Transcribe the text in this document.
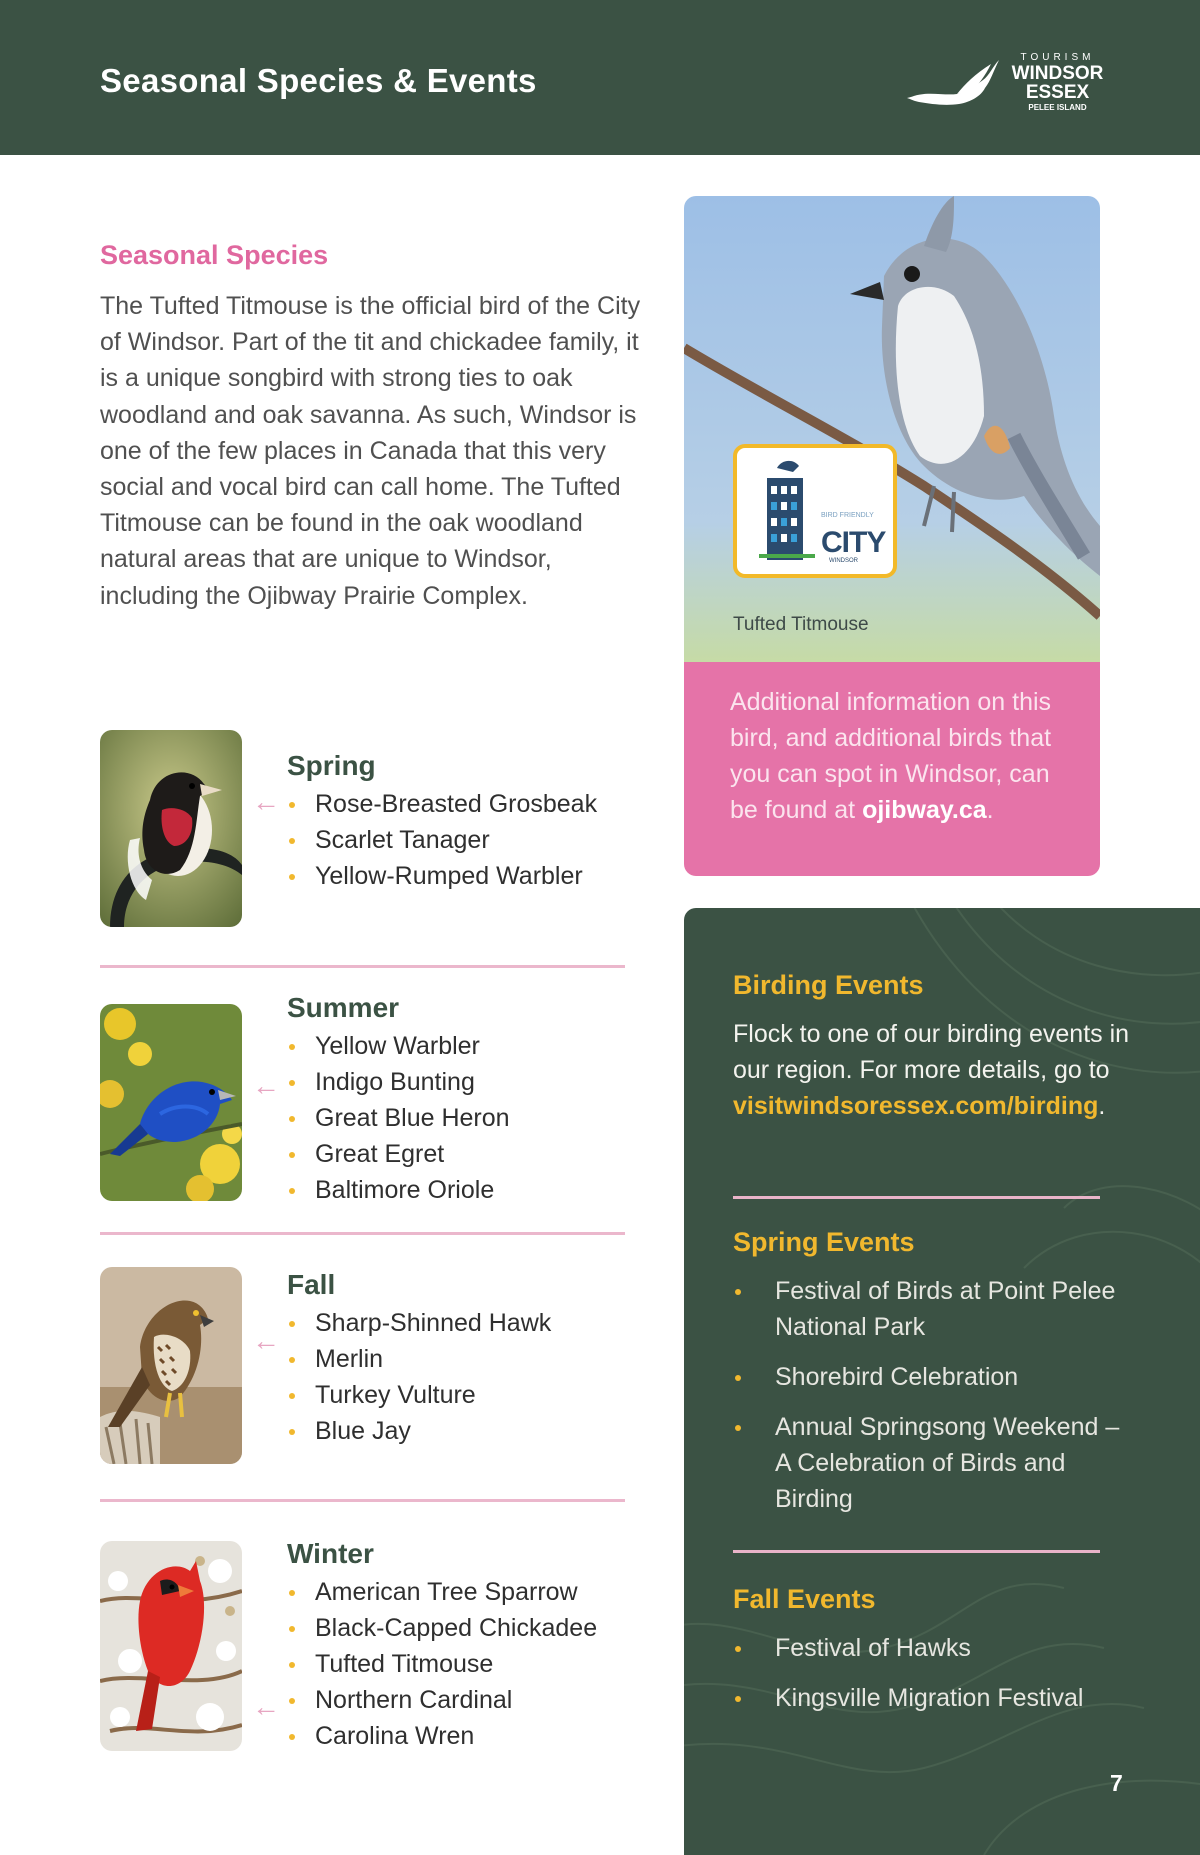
Seasonal Species & Events
TOURISM
WINDSOR
ESSEX
PELEE ISLAND
Seasonal Species
The Tufted Titmouse is the official bird of the City of Windsor. Part of the tit and chickadee family, it is a unique songbird with strong ties to oak woodland and oak savanna. As such, Windsor is one of the few places in Canada that this very social and vocal bird can call home. The Tufted Titmouse can be found in the oak woodland natural areas that are unique to Windsor, including the Ojibway Prairie Complex.
←
Spring
Rose-Breasted Grosbeak
Scarlet Tanager
Yellow-Rumped Warbler
←
Summer
Yellow Warbler
Indigo Bunting
Great Blue Heron
Great Egret
Baltimore Oriole
←
Fall
Sharp-Shinned Hawk
Merlin
Turkey Vulture
Blue Jay
←
Winter
American Tree Sparrow
Black-Capped Chickadee
Tufted Titmouse
Northern Cardinal
Carolina Wren
BIRD FRIENDLY
CITY
WINDSOR
Tufted Titmouse
Additional information on this bird, and additional birds that you can spot in Windsor, can be found at ojibway.ca.
Birding Events
Flock to one of our birding events in our region. For more details, go to visitwindsoressex.com/birding.
Spring Events
Festival of Birds at Point Pelee National Park
Shorebird Celebration
Annual Springsong Weekend – A Celebration of Birds and Birding
Fall Events
Festival of Hawks
Kingsville Migration Festival
7
